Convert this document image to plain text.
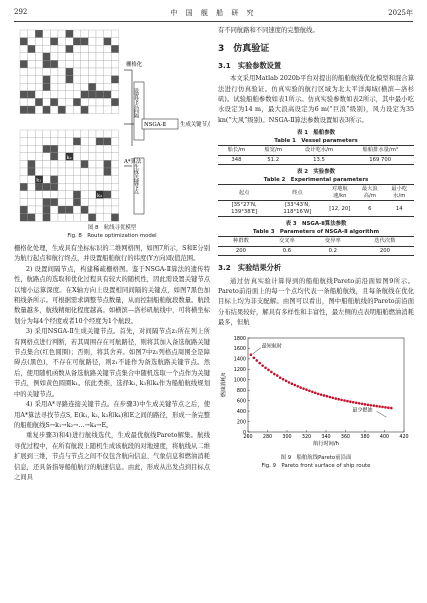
292	中 国 舰 船 研 究	2025年
k₁
k₂
k₃
栅格化
NSGA-Ⅱ	生成关键节点
A*算法
设置节点间隔
生成关键节点
图 8　航线寻优模型
Fig. 8　Route optimization model

栅格化处理，生成具有坐标标识的二维网格图，如图7所示，S和E分别为航行起点和航行终点，并设置船舶航行的纬度(Y方向)取值范围。

2) 设置间隔节点，构建稀疏栅格图。鉴于NSGA-Ⅱ算法的遗传特性，航路点的选取和优化过程具有较大的随机性，因此需设置关键节点以缩小运算深度。在X轴方向上设置相同间隔的关键点，如图7黑色加粗线条所示。可根据需求调整节点数量，从而控制船舶航段数量。航段数量越多，航线精细化程度越高。如横滨—洛杉矶航线中，可将横坐标划分为每4个经度或者10个经度为1个航段。

3) 采用NSGA-Ⅱ生成关键节点。首先，对间隔节点z₁所在列上所有网格点进行判断，若其周围存在可航路径，则将其加入备选航路关键节点集合(红色圆圈)；否则，将其舍弃。如图7中z₁列格点周围全是障碍点(黑色)，不存在可航路径，则z₁不能作为备选航路关键节点。然后，使用随机函数从备选航路关键节点集合中随机选取一个点作为关键节点，例如黄色圆圈k₁。依此类推，选择k₂, k₃和k₄作为船舶航线规划中的关键节点。

4) 采用A*寻路连接关键节点。在步骤3)中生成关键节点之后，使用A*算法寻找节点S, E(k₁, k₂, k₃和k₄)和E之间的路径，形成一条完整的船舶航线S→k₁→k₂→…→k₄→E。

重复步骤3)和4)进行航线选代，生成最优航线Pareto解集。航线寻优过程中，在所有航段上随机生成该航段的对地速度，将航线从二维扩展到三维，节点与节点之间不仅包含航向信息、气象信息和燃油消耗信息，还具备指导船舶航行的航速信息。由此，形成从出发点到目标点之间具

有不同航路和不同速度的完整航线。

3　仿真验证
3.1　实验参数设置

本文采用Matlab 2020b平台对提出的船舶航线优化模型和混合算法进行仿真验证。仿真实验的航行区域为北太平洋海域(横滨—洛杉矶)。试验船舶参数如表1所示。仿真实验参数如表2所示，其中最小吃水设定为14 m，最大浪高设定为6 m(“巨浪”级别)，风力设定为35 kn(“大风”级别)。NSGA-Ⅱ算法参数设置如表3所示。

表 1　船舶参数
Table 1　Vessel parameters
船长/m	船宽/m	设计吃水/m	船舶排水量/m³
348	51.2	13.5	169 700
表 2　实验参数
Table 2　Experimental parameters
起点	终点	对地航速/kn	最大浪高/m	最小吃水/m
[35°27′N, 139°38′E]	[33°43′N, 118°16′W]	[12, 20]	6	14
表 3　NSGA-Ⅱ算法参数
Table 3　Parameters of NSGA-Ⅱ algorithm
种群数	交叉率	变异率	迭代次数
200	0.6	0.2	200
3.2　实验结果分析

通过仿真实验计算得到的船舶航线Pareto前沿面如图9所示。Pareto前沿面上的每一个点均代表一条船舶航线，且每条航线在优化目标上均为非支配解。由图可以看出，图中船舶航线的Pareto前沿面分布结果较好，解具有多样性和丰富性，最左侧的点表明船舶燃油消耗最多，但航

0
200
400
600
800
1000
1200
1400
1600
1800
260 280 300 320 340 360 380 400 420
航行时间/h
燃油消耗/t
最短航时
最少燃油
图 9　船舶航线Pareto前沿面
Fig. 9　Pareto front surface of ship route
